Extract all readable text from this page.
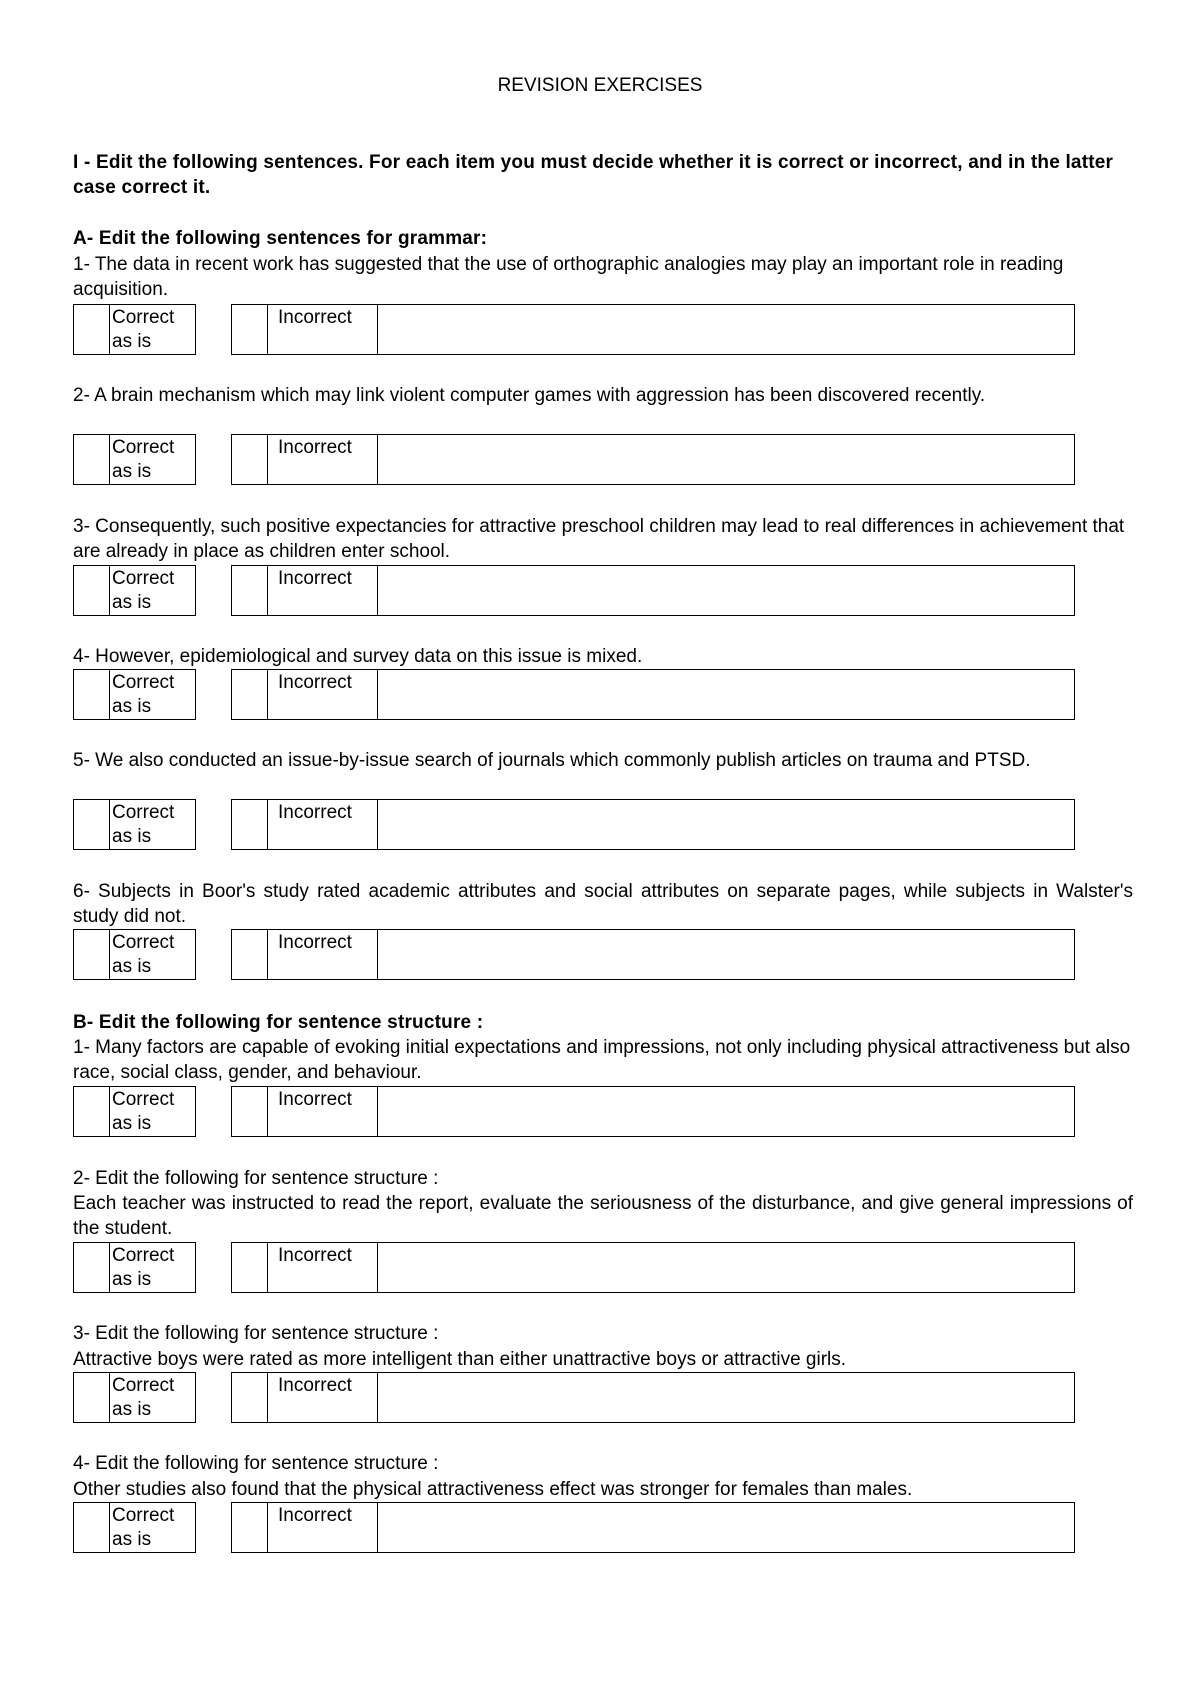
REVISION EXERCISES
I - Edit the following sentences. For each item you must decide whether it is correct or incorrect, and in the latter case correct it.
A- Edit the following sentences for grammar:
1- The data in recent work has suggested that the use of orthographic analogies may play an important role in reading acquisition.
Correct as is
Incorrect
2- A brain mechanism which may link violent computer games with aggression has been discovered recently.
Correct as is
Incorrect
3- Consequently, such positive expectancies for attractive preschool children may lead to real differences in achievement that are already in place as children enter school.
Correct as is
Incorrect
4- However, epidemiological and survey data on this issue is mixed.
Correct as is
Incorrect
5- We also conducted an issue-by-issue search of journals which commonly publish articles on trauma and PTSD.
Correct as is
Incorrect
6- Subjects in Boor's study rated academic attributes and social attributes on separate pages, while subjects in Walster's study did not.
Correct as is
Incorrect
B- Edit the following for sentence structure :
1- Many factors are capable of evoking initial expectations and impressions, not only including physical attractiveness but also race, social class, gender, and behaviour.
Correct as is
Incorrect
2- Edit the following for sentence structure :
Each teacher was instructed to read the report, evaluate the seriousness of the disturbance, and give general impressions of the student.
Correct as is
Incorrect
3- Edit the following for sentence structure :
Attractive boys were rated as more intelligent than either unattractive boys or attractive girls.
Correct as is
Incorrect
4- Edit the following for sentence structure :
Other studies also found that the physical attractiveness effect was stronger for females than males.
Correct as is
Incorrect
